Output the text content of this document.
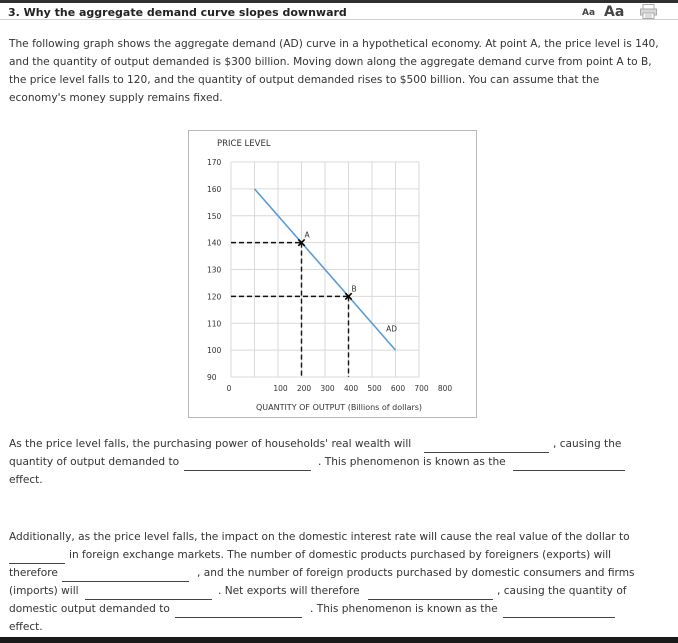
3. Why the aggregate demand curve slopes downward	Aa Aa
The following graph shows the aggregate demand (AD) curve in a hypothetical economy. At point A, the price level is 140, and the quantity of output demanded is $300 billion. Moving down along the aggregate demand curve from point A to B, the price level falls to 120, and the quantity of output demanded rises to $500 billion. You can assume that the economy's money supply remains fixed.
PRICE LEVEL
170
160
150
140
130
120
110
100
90
0	100 200 300 400 500 600 700 800
AD
A
B
QUANTITY OF OUTPUT (Billions of dollars)
As the price level falls, the purchasing power of households' real wealth will	, causing the
quantity of output demanded to	. This phenomenon is known as the
effect.
Additionally, as the price level falls, the impact on the domestic interest rate will cause the real value of the dollar to
in foreign exchange markets. The number of domestic products purchased by foreigners (exports) will
therefore	, and the number of foreign products purchased by domestic consumers and firms
(imports) will	. Net exports will therefore	, causing the quantity of
domestic output demanded to	. This phenomenon is known as the
effect.
